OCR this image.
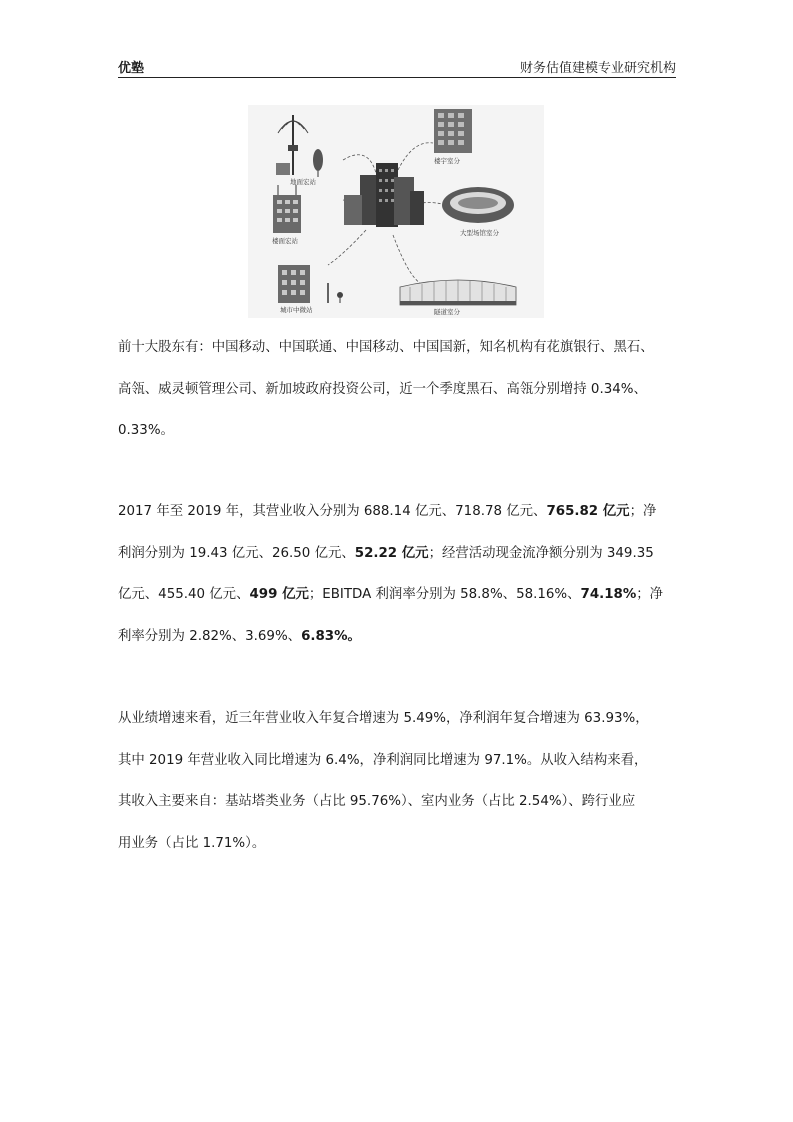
优塾	财务估值建模专业研究机构
地面宏站
楼宇室分
楼面宏站
大型场馆室分
城市中微站	隧道室分

前十大股东有：中国移动、中国联通、中国移动、中国国新，知名机构有花旗银行、黑石、
高瓴、威灵顿管理公司、新加坡政府投资公司，近一个季度黑石、高瓴分别增持 0.34%、
0.33%。

2017 年至 2019 年，其营业收入分别为 688.14 亿元、718.78 亿元、765.82 亿元；净
利润分别为 19.43 亿元、26.50 亿元、52.22 亿元；经营活动现金流净额分别为 349.35
亿元、455.40 亿元、499 亿元；EBITDA 利润率分别为 58.8%、58.16%、74.18%；净
利率分别为 2.82%、3.69%、6.83%。

从业绩增速来看，近三年营业收入年复合增速为 5.49%，净利润年复合增速为 63.93%，
其中 2019 年营业收入同比增速为 6.4%，净利润同比增速为 97.1%。从收入结构来看，
其收入主要来自：基站塔类业务（占比 95.76%）、室内业务（占比 2.54%）、跨行业应
用业务（占比 1.71%）。
